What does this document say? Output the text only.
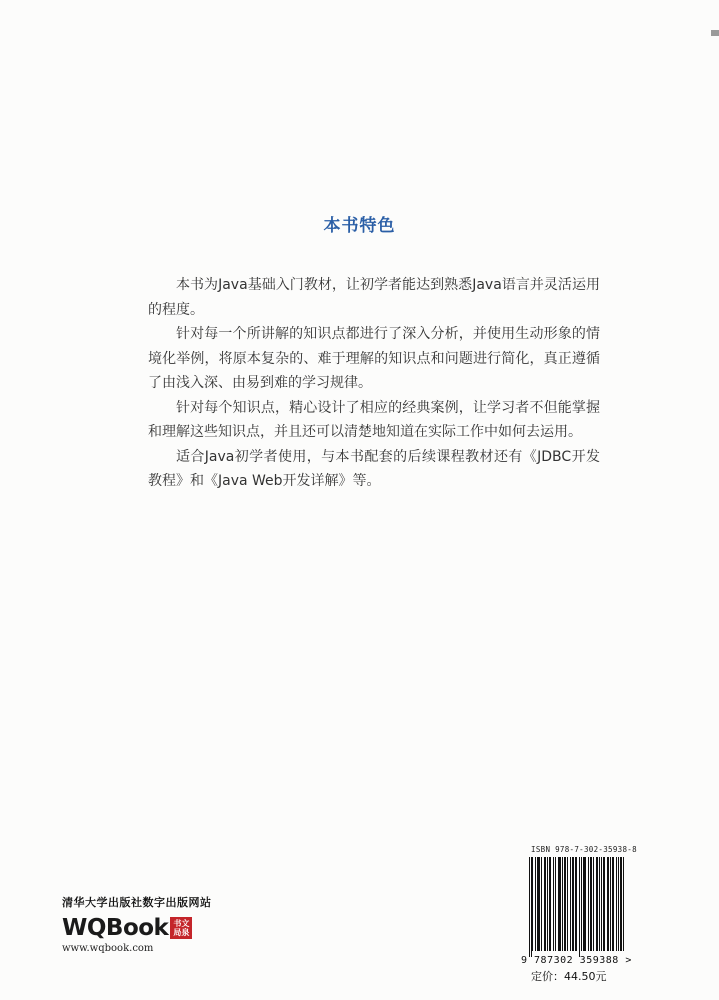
本书特色

本书为Java基础入门教材，让初学者能达到熟悉Java语言并灵活运用的程度。

针对每一个所讲解的知识点都进行了深入分析，并使用生动形象的情境化举例，将原本复杂的、难于理解的知识点和问题进行简化，真正遵循了由浅入深、由易到难的学习规律。

针对每个知识点，精心设计了相应的经典案例，让学习者不但能掌握和理解这些知识点，并且还可以清楚地知道在实际工作中如何去运用。

适合Java初学者使用，与本书配套的后续课程教材还有《JDBC开发教程》和《Java Web开发详解》等。

清华大学出版社数字出版网站
WQBook 书文局泉
www.wqbook.com
ISBN 978-7-302-35938-8
9 787302 359388 >
定价：44.50元
